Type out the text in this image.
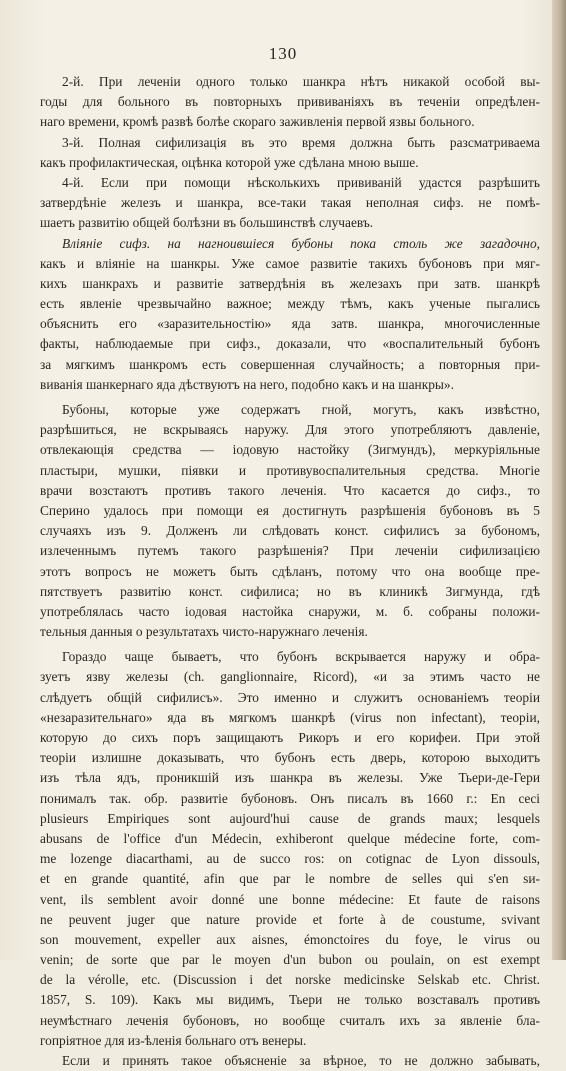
130
2-й. При леченіи одного только шанкра нѣтъ никакой особой вы-
годы для больного въ повторныхъ прививаніяхъ въ теченіи опредѣлен-
наго времени, кромѣ развѣ болѣе скораго заживленія первой язвы больного.
3-й. Полная сифилизація въ это время должна быть разсматриваема
какъ профилактическая, оцѣнка которой уже сдѣлана мною выше.
4-й. Если при помощи нѣсколькихъ прививаній удастся разрѣшить
затвердѣніе железъ и шанкра, все-таки такая неполная сифз. не помѣ-
шаетъ развитію общей болѣзни въ большинствѣ случаевъ.
Вліяніе сифз. на нагноившіеся бубоны пока столь же загадочно,
какъ и вліяніе на шанкры. Уже самое развитіе такихъ бубоновъ при мяг-
кихъ шанкрахъ и развитіе затвердѣнія въ железахъ при затв. шанкрѣ
есть явленіе чрезвычайно важное; между тѣмъ, какъ ученые пыгались
объяснить его «заразительностію» яда затв. шанкра, многочисленные
факты, наблюдаемые при сифз., доказали, что «воспалительный бубонъ
за мягкимъ шанкромъ есть совершенная случайность; а повторныя при-
виванія шанкернаго яда дѣствуютъ на него, подобно какъ и на шанкры».
Бубоны, которые уже содержатъ гной, могутъ, какъ извѣстно,
разрѣшиться, не вскрываясь наружу. Для этого употребляютъ давленіе,
отвлекающія средства — іодовую настойку (Зигмундъ), меркуріяльные
пластыри, мушки, піявки и противувоспалительныя средства. Многіе
врачи возстаютъ противъ такого леченія. Что касается до сифз., то
Сперино удалось при помощи ея достигнуть разрѣшенія бубоновъ въ 5
случаяхъ изъ 9. Долженъ ли слѣдовать конст. сифилисъ за бубономъ,
излеченнымъ путемъ такого разрѣшенія? При леченіи сифилизацією
этотъ вопросъ не можетъ быть сдѣланъ, потому что она вообще пре-
пятствуетъ развитію конст. сифилиса; но въ клиникѣ Зигмунда, гдѣ
употреблялась часто іодовая настойка снаружи, м. б. собраны положи-
тельныя данныя о результатахъ чисто-наружнаго леченія.
Гораздо чаще бываетъ, что бубонъ вскрывается наружу и обра-
зуетъ язву железы (ch. ganglionnaire, Ricord), «и за этимъ часто не
слѣдуетъ общій сифилисъ». Это именно и служитъ основаніемъ теоріи
«незаразительнаго» яда въ мягкомъ шанкрѣ (virus non infectant), теоріи,
которую до сихъ поръ защищаютъ Рикоръ и его корифеи. При этой
теоріи излишне доказывать, что бубонъ есть дверь, которою выходитъ
изъ тѣла ядъ, проникшій изъ шанкра въ железы. Уже Тьери-де-Гери
понималъ так. обр. развитіе бубоновъ. Онъ писалъ въ 1660 г.: En ceci
plusieurs Empiriques sont aujourd'hui cause de grands maux; lesquels
abusans de l'office d'un Médecin, exhiberont quelque médecine forte, com-
me lozenge diacarthami, au de succo ros: on cotignac de Lyon dissouls,
et en grande quantité, afin que par le nombre de selles qui s'en ѕи-
vent, ils semblent avoir donné une bonne médecine: Et faute de raisons
ne peuvent juger que nature provide et forte à de coustume, svivant
son mouvement, expeller aux aisnes, émonctoires du foye, le virus ou
venin; de sorte que par le moyen d'un bubon ou poulain, on est exempt
de la vérolle, etc. (Discussion i det norske medicinske Selskab etc. Christ.
1857, S. 109). Какъ мы видимъ, Тьери не только возставалъ противъ
неумѣстнаго леченія бубоновъ, но вообще считалъ ихъ за явленіе бла-
гопріятное для из-ѣленія больнаго отъ венеры.
Если и принять такое объясненіе за вѣрное, то не должно забывать,
